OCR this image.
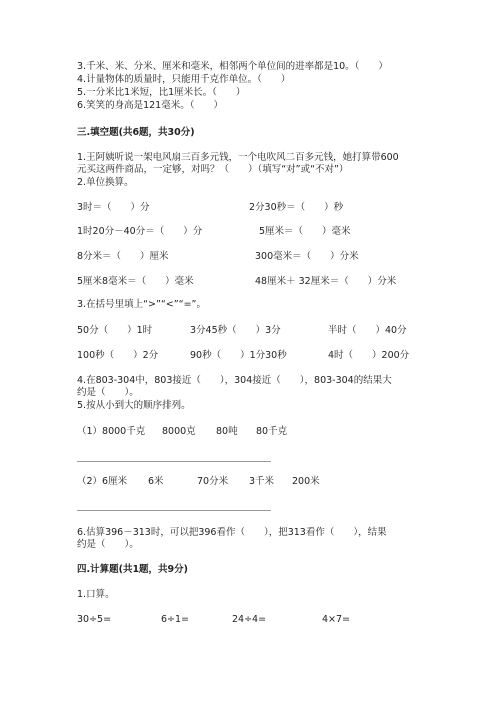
3.千米、米、分米、厘米和毫米，相邻两个单位间的进率都是10。（　　）
4.计量物体的质量时，只能用千克作单位。（　　）
5.一分米比1米短，比1厘米长。（　　）
6.笑笑的身高是121毫米。（　　）
三.填空题(共6题，共30分)
1.王阿姨听说一架电风扇三百多元钱，一个电吹风二百多元钱，她打算带600
元买这两件商品，一定够，对吗？（　　）（填写“对”或“不对”）
2.单位换算。
3时＝（　　）分	2分30秒＝（　　）秒
1时20分－40分＝（　　）分	5厘米＝（　　）毫米
8分米＝（　　）厘米	300毫米＝（　　）分米
5厘米8毫米＝（　　）毫米	48厘米＋ 32厘米＝（　　）分米
3.在括号里填上“>”“<”“=”。
50分（　　）1时	3分45秒（　　）3分	半时（　　）40分
100秒（　　）2分	90秒（　　）1分30秒	4时（　　）200分
4.在803-304中，803接近（　　），304接近（　　），803-304的结果大
约是（　　）。
5.按从小到大的顺序排列。
（1）8000千克 8000克 80吨 80千克
（2）6厘米 6米	70分米 3千米 200米
6.估算396－313时，可以把396看作（　　），把313看作（　　），结果
约是（　　）。
四.计算题(共1题，共9分)
1.口算。
30÷5=	6÷1=	24÷4=	4×7=
